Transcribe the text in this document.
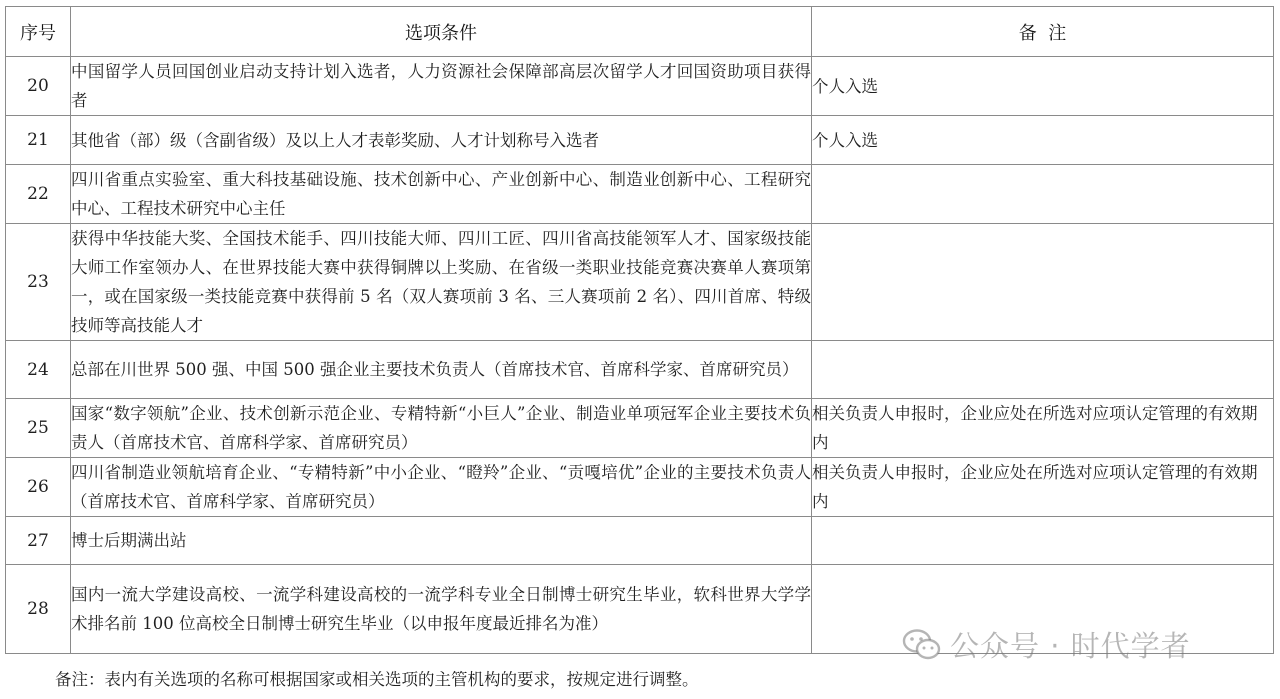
序号	选项条件	备  注
20	中国留学人员回国创业启动支持计划入选者，人力资源社会保障部高层次留学人才回国资助项目获得者	个人入选
21	其他省（部）级（含副省级）及以上人才表彰奖励、人才计划称号入选者	个人入选
22	四川省重点实验室、重大科技基础设施、技术创新中心、产业创新中心、制造业创新中心、工程研究中心、工程技术研究中心主任	
23	获得中华技能大奖、全国技术能手、四川技能大师、四川工匠、四川省高技能领军人才、国家级技能大师工作室领办人、在世界技能大赛中获得铜牌以上奖励、在省级一类职业技能竞赛决赛单人赛项第一，或在国家级一类技能竞赛中获得前 5 名（双人赛项前 3 名、三人赛项前 2 名）、四川首席、特级技师等高技能人才	
24	总部在川世界 500 强、中国 500 强企业主要技术负责人（首席技术官、首席科学家、首席研究员）	
25	国家“数字领航”企业、技术创新示范企业、专精特新“小巨人”企业、制造业单项冠军企业主要技术负责人（首席技术官、首席科学家、首席研究员）	相关负责人申报时，企业应处在所选对应项认定管理的有效期内
26	四川省制造业领航培育企业、“专精特新”中小企业、“瞪羚”企业、“贡嘎培优”企业的主要技术负责人（首席技术官、首席科学家、首席研究员）	相关负责人申报时，企业应处在所选对应项认定管理的有效期内
27	博士后期满出站	
28	国内一流大学建设高校、一流学科建设高校的一流学科专业全日制博士研究生毕业，软科世界大学学术排名前 100 位高校全日制博士研究生毕业（以申报年度最近排名为准）	
公众号 · 时代学者
备注：表内有关选项的名称可根据国家或相关选项的主管机构的要求，按规定进行调整。
